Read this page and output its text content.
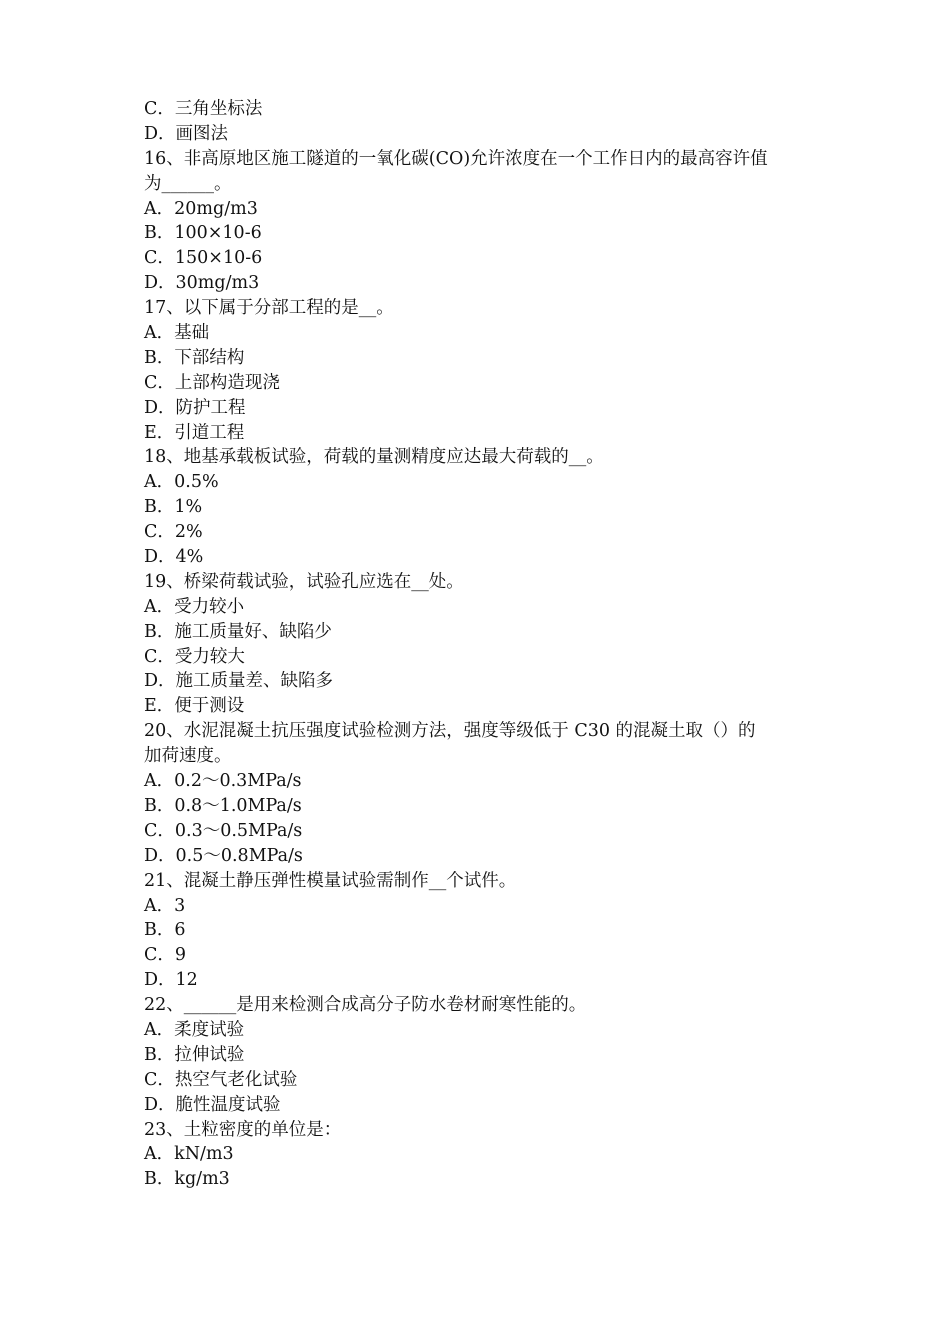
C．三角坐标法
D．画图法
16、非高原地区施工隧道的一氧化碳(CO)允许浓度在一个工作日内的最高容许值
为______。
A．20mg/m3
B．100×10-6
C．150×10-6
D．30mg/m3
17、以下属于分部工程的是__。
A．基础
B．下部结构
C．上部构造现浇
D．防护工程
E．引道工程
18、地基承载板试验，荷载的量测精度应达最大荷载的__。
A．0.5%
B．1%
C．2%
D．4%
19、桥梁荷载试验，试验孔应选在__处。
A．受力较小
B．施工质量好、缺陷少
C．受力较大
D．施工质量差、缺陷多
E．便于测设
20、水泥混凝土抗压强度试验检测方法，强度等级低于 C30 的混凝土取（）的
加荷速度。
A．0.2～0.3MPa/s
B．0.8～1.0MPa/s
C．0.3～0.5MPa/s
D．0.5～0.8MPa/s
21、混凝土静压弹性模量试验需制作__个试件。
A．3
B．6
C．9
D．12
22、______是用来检测合成高分子防水卷材耐寒性能的。
A．柔度试验
B．拉伸试验
C．热空气老化试验
D．脆性温度试验
23、土粒密度的单位是：
A．kN/m3
B．kg/m3
